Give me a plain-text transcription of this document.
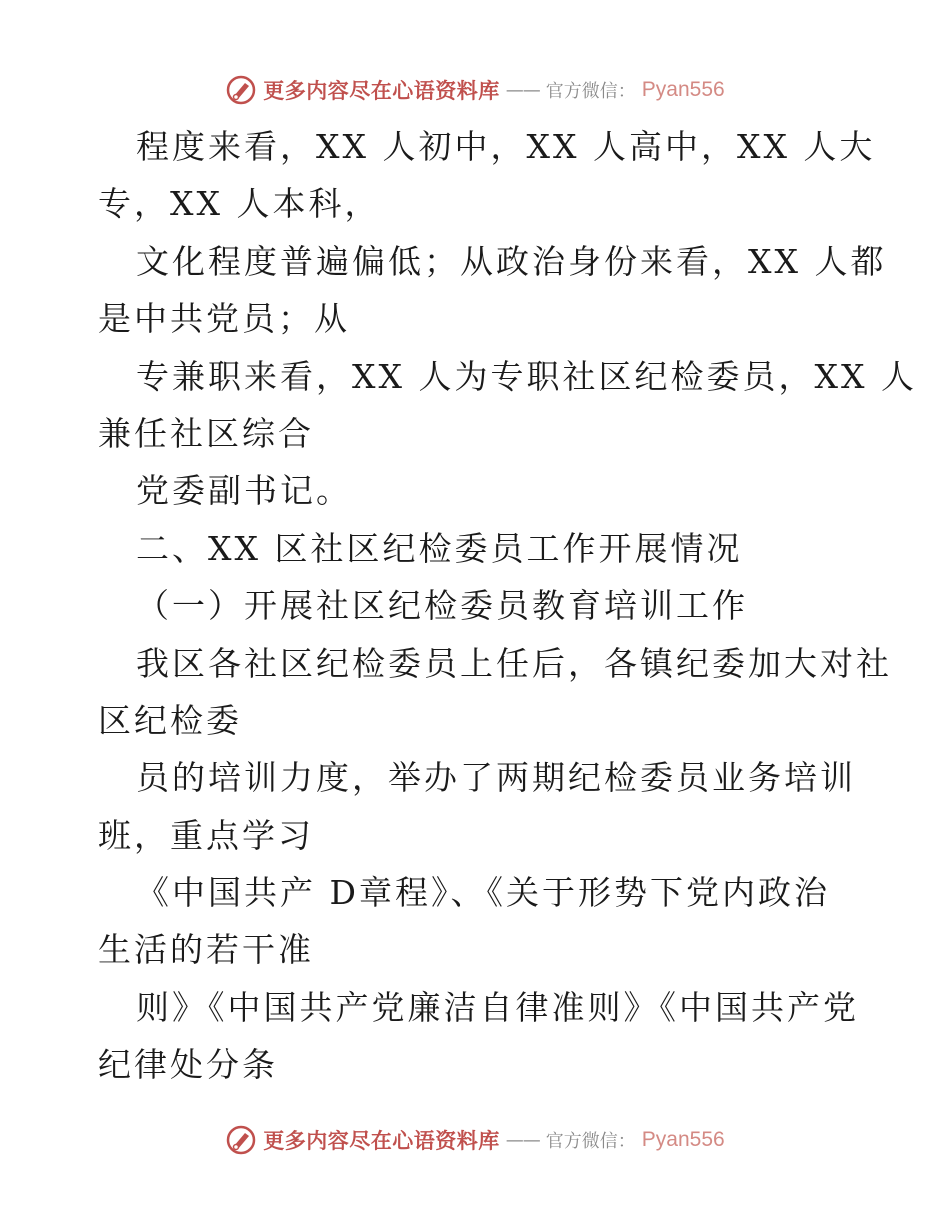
更多内容尽在心语资料库 —— 官方微信： Pyan556

程度来看，XX 人初中，XX 人高中，XX 人大

专，XX 人本科，

文化程度普遍偏低；从政治身份来看，XX 人都

是中共党员；从

专兼职来看，XX 人为专职社区纪检委员，XX 人

兼任社区综合

党委副书记。

二、XX 区社区纪检委员工作开展情况

（一）开展社区纪检委员教育培训工作

我区各社区纪检委员上任后，各镇纪委加大对社

区纪检委

员的培训力度，举办了两期纪检委员业务培训

班，重点学习

《中国共产 D章程》、《关于形势下党内政治

生活的若干准

则》《中国共产党廉洁自律准则》《中国共产党

纪律处分条

更多内容尽在心语资料库 —— 官方微信： Pyan556
